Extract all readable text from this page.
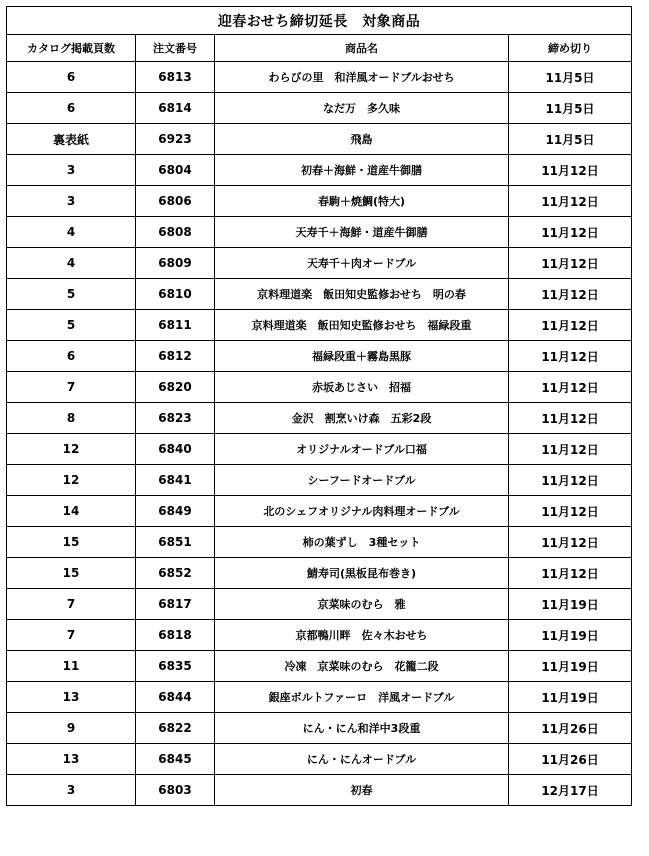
迎春おせち締切延長　対象商品			
カタログ掲載頁数	注文番号	商品名	締め切り
6	6813	わらびの里　和洋風オードブルおせち	11月5日
6	6814	なだ万　多久味	11月5日
裏表紙	6923	飛島	11月5日
3	6804	初春＋海鮮・道産牛御膳	11月12日
3	6806	春駒＋焼鯛(特大)	11月12日
4	6808	天寿千＋海鮮・道産牛御膳	11月12日
4	6809	天寿千＋肉オードブル	11月12日
5	6810	京料理道楽　飯田知史監修おせち　明の春	11月12日
5	6811	京料理道楽　飯田知史監修おせち　福緑段重	11月12日
6	6812	福緑段重＋霧島黒豚	11月12日
7	6820	赤坂あじさい　招福	11月12日
8	6823	金沢　割烹いけ森　五彩2段	11月12日
12	6840	オリジナルオードブル口福	11月12日
12	6841	シーフードオードブル	11月12日
14	6849	北のシェフオリジナル肉料理オードブル	11月12日
15	6851	柿の葉ずし　3種セット	11月12日
15	6852	鯖寿司(黒板昆布巻き)	11月12日
7	6817	京菜味のむら　雅	11月19日
7	6818	京都鴨川畔　佐々木おせち	11月19日
11	6835	冷凍　京菜味のむら　花籠二段	11月19日
13	6844	銀座ボルトファーロ　洋風オードブル	11月19日
9	6822	にん・にん和洋中3段重	11月26日
13	6845	にん・にんオードブル	11月26日
3	6803	初春	12月17日
